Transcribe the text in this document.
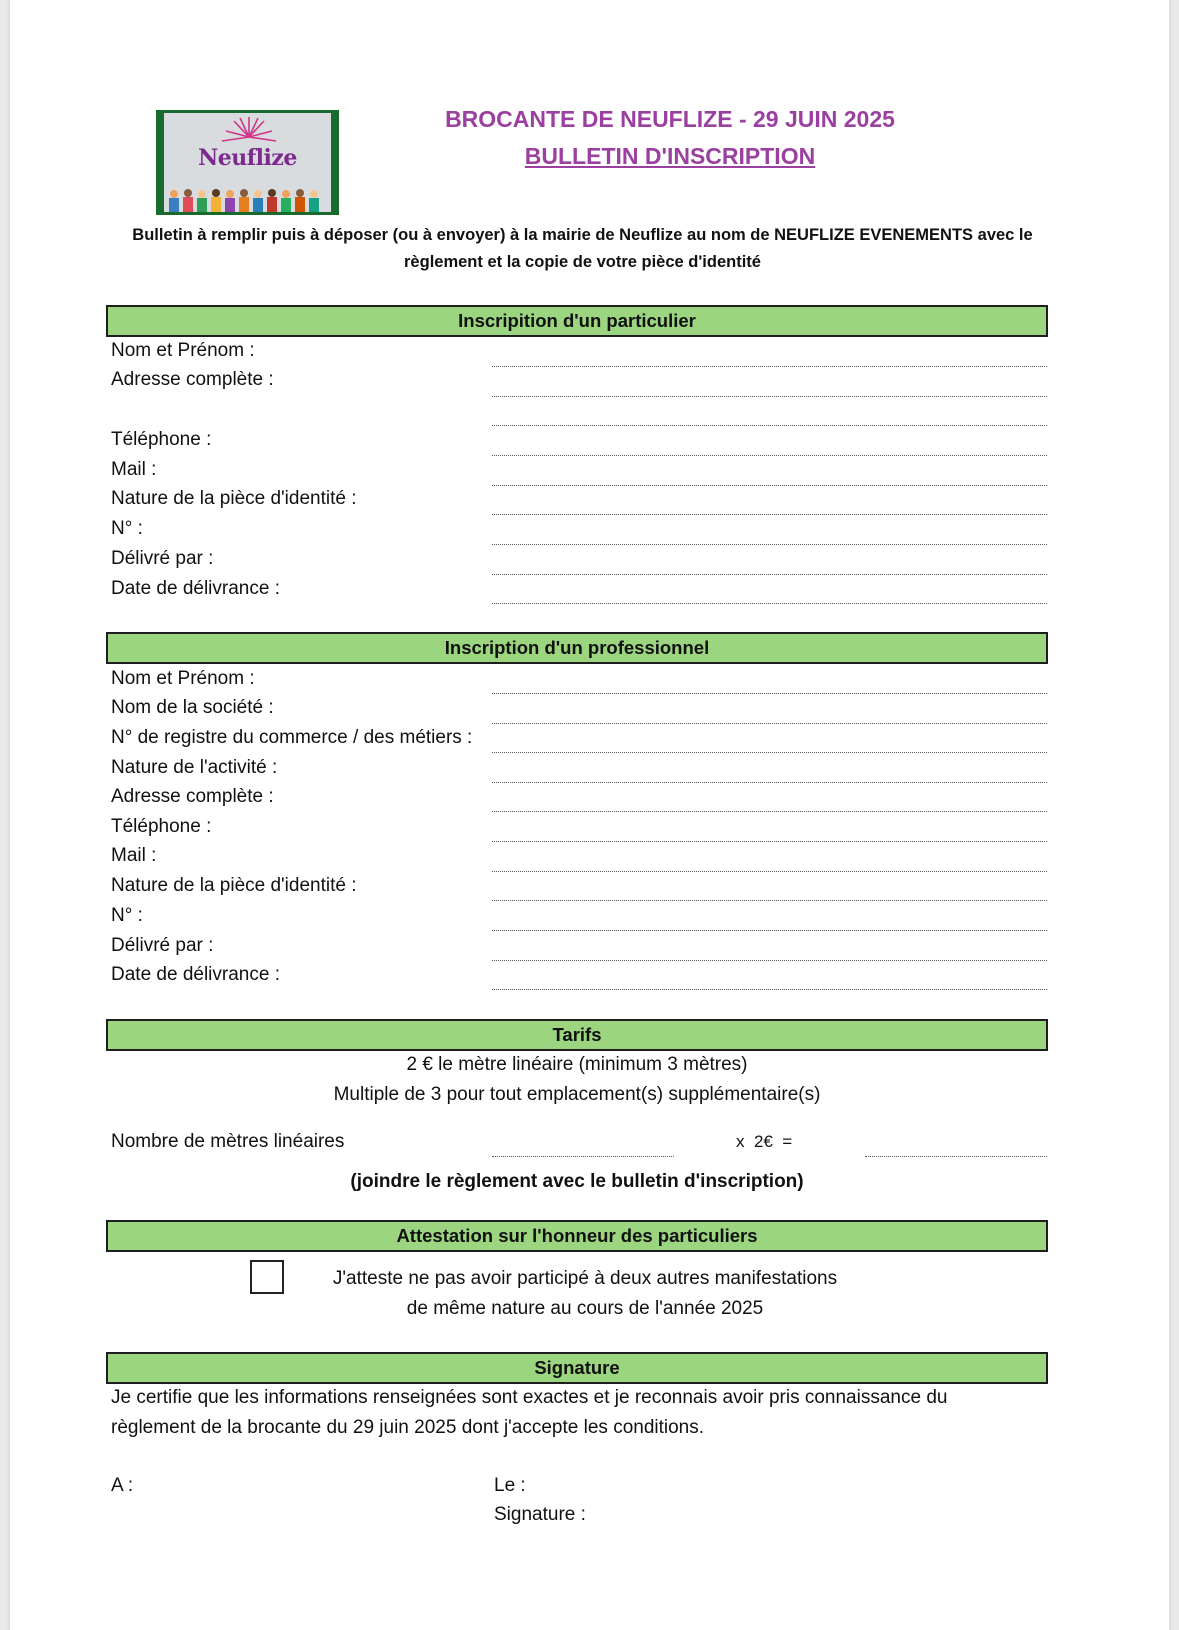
Neuflize
BROCANTE DE NEUFLIZE - 29 JUIN 2025
BULLETIN D'INSCRIPTION
Bulletin à remplir puis à déposer (ou à envoyer) à la mairie de Neuflize au nom de NEUFLIZE EVENEMENTS avec le
règlement et la copie de votre pièce d'identité
Inscripition d'un particulier
Nom et Prénom :
Adresse complète :
Téléphone :
Mail :
Nature de la pièce d'identité :
N° :
Délivré par :
Date de délivrance :
Inscription d'un professionnel
Nom et Prénom :
Nom de la société :
N° de registre du commerce / des métiers :
Nature de l'activité :
Adresse complète :
Téléphone :
Mail :
Nature de la pièce d'identité :
N° :
Délivré par :
Date de délivrance :
Tarifs
2 € le mètre linéaire (minimum 3 mètres)
Multiple de 3 pour tout emplacement(s) supplémentaire(s)
Nombre de mètres linéaires	x  2€  =
(joindre le règlement avec le bulletin d'inscription)
Attestation sur l'honneur des particuliers
J'atteste ne pas avoir participé à deux autres manifestations
de même nature au cours de l'année 2025
Signature
Je certifie que les informations renseignées sont exactes et je reconnais avoir pris connaissance du
règlement de la brocante du 29 juin 2025 dont j'accepte les conditions.
A :	Le :
Signature :
